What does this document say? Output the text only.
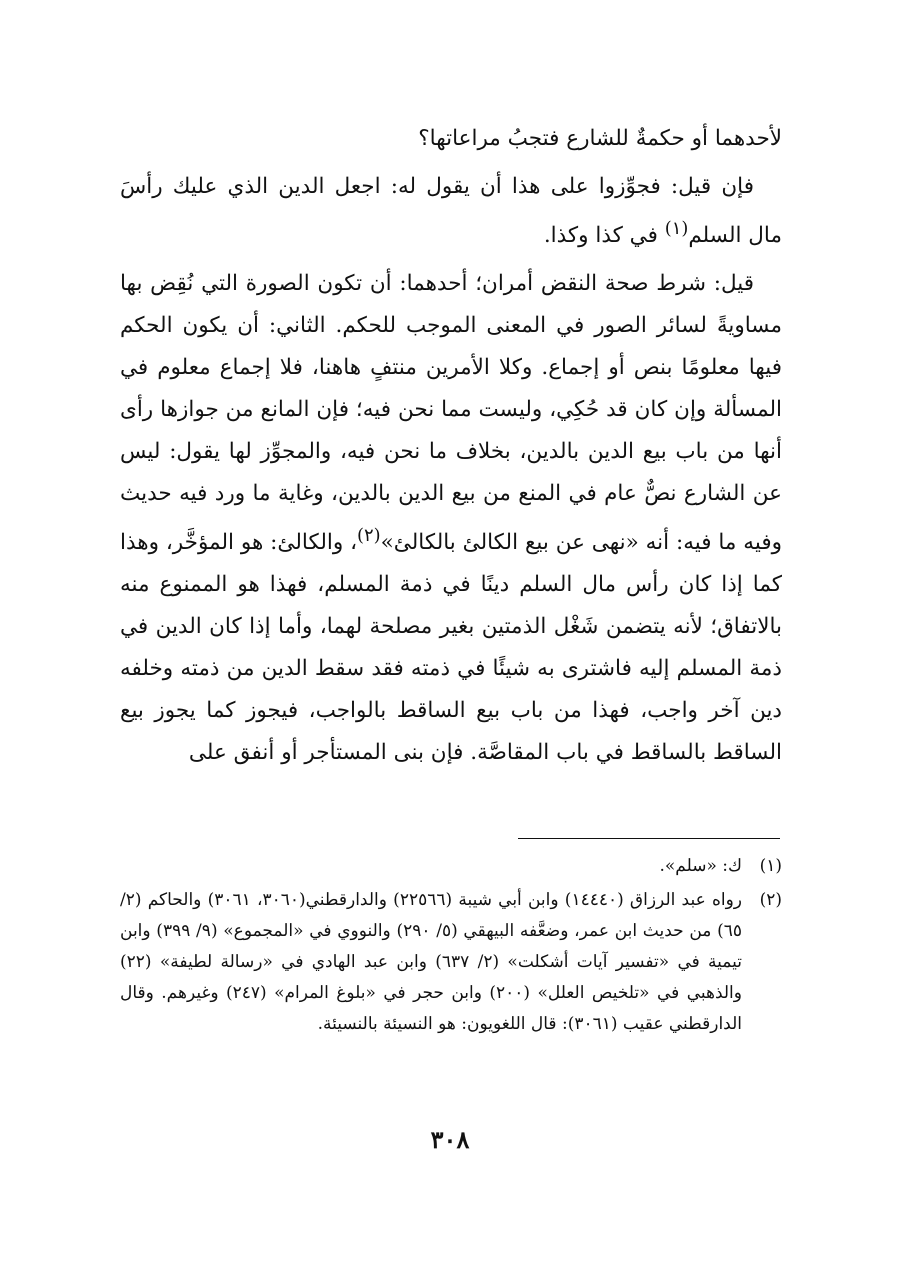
لأحدهما أو حكمةٌ للشارع فتجبُ مراعاتها؟

فإن قيل: فجوِّزوا على هذا أن يقول له: اجعل الدين الذي عليك رأسَ مال السلم$^{(١)}$ في كذا وكذا.

قيل: شرط صحة النقض أمران؛ أحدهما: أن تكون الصورة التي نُقِض بها مساويةً لسائر الصور في المعنى الموجب للحكم. الثاني: أن يكون الحكم فيها معلومًا بنص أو إجماع. وكلا الأمرين منتفٍ هاهنا، فلا إجماع معلوم في المسألة وإن كان قد حُكِي، وليست مما نحن فيه؛ فإن المانع من جوازها رأى أنها من باب بيع الدين بالدين، بخلاف ما نحن فيه، والمجوِّز لها يقول: ليس عن الشارع نصٌّ عام في المنع من بيع الدين بالدين، وغاية ما ورد فيه حديث وفيه ما فيه: أنه «نهى عن بيع الكالئ بالكالئ»$^{(٢)}$، والكالئ: هو المؤخَّر، وهذا كما إذا كان رأس مال السلم دينًا في ذمة المسلم، فهذا هو الممنوع منه بالاتفاق؛ لأنه يتضمن شَغْل الذمتين بغير مصلحة لهما، وأما إذا كان الدين في ذمة المسلم إليه فاشترى به شيئًا في ذمته فقد سقط الدين من ذمته وخلفه دين آخر واجب، فهذا من باب بيع الساقط بالواجب، فيجوز كما يجوز بيع الساقط بالساقط في باب المقاصَّة. فإن بنى المستأجر أو أنفق على

(١)
ك: «سلم».
(٢)
رواه عبد الرزاق (١٤٤٤٠) وابن أبي شيبة (٢٢٥٦٦) والدارقطني(٣٠٦٠، ٣٠٦١) والحاكم (٢/ ٦٥) من حديث ابن عمر، وضعَّفه البيهقي (٥/ ٢٩٠) والنووي في «المجموع» (٩/ ٣٩٩) وابن تيمية في «تفسير آيات أشكلت» (٢/ ٦٣٧) وابن عبد الهادي في «رسالة لطيفة» (٢٢) والذهبي في «تلخيص العلل» (٢٠٠) وابن حجر في «بلوغ المرام» (٢٤٧) وغيرهم. وقال الدارقطني عقيب (٣٠٦١): قال اللغويون: هو النسيئة بالنسيئة.
٣٠٨
